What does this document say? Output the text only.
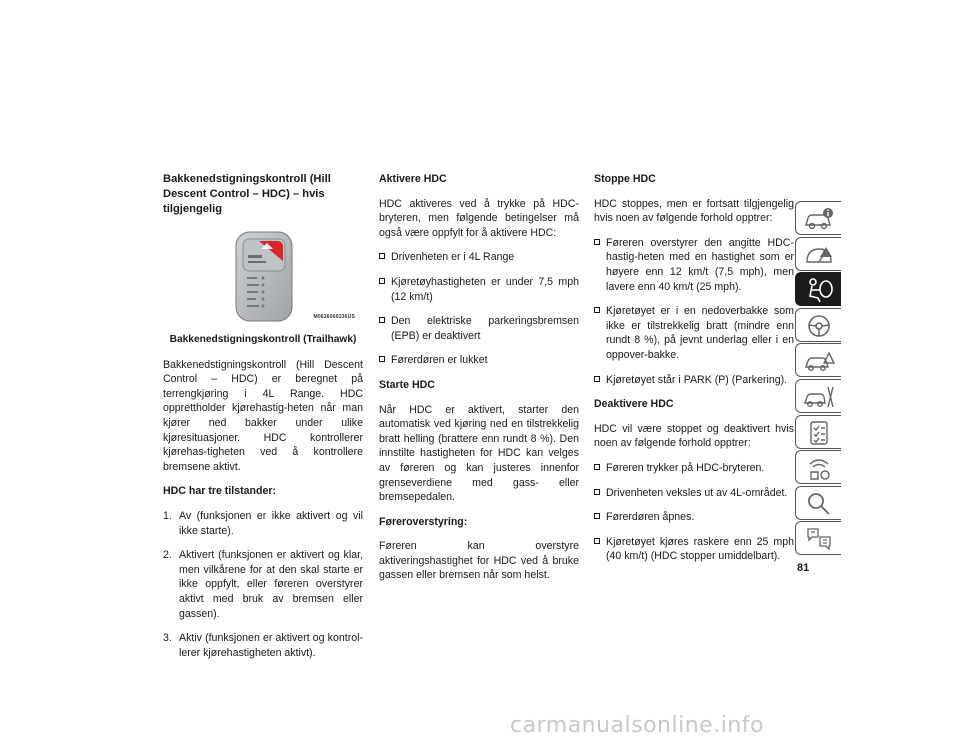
Bakkenedstigningskontroll (Hill Descent Control – HDC) – hvis tilgjengelig
M0636060236US
Bakkenedstigningskontroll (Trailhawk)

Bakkenedstigningskontroll (Hill Descent Control – HDC) er beregnet på terrengkjøring i 4L Range. HDC opprettholder kjørehastig-heten når man kjører ned bakker under ulike kjøresituasjoner. HDC kontrollerer kjørehas-tigheten ved å kontrollere bremsene aktivt.

HDC har tre tilstander:
1. Av (funksjonen er ikke aktivert og vil ikke starte).
2. Aktivert (funksjonen er aktivert og klar, men vilkårene for at den skal starte er ikke oppfylt, eller føreren overstyrer aktivt med bruk av bremsen eller gassen).
3. Aktiv (funksjonen er aktivert og kontrol-lerer kjørehastigheten aktivt).
Aktivere HDC

HDC aktiveres ved å trykke på HDC-bryteren, men følgende betingelser må også være oppfylt for å aktivere HDC:

Drivenheten er i 4L Range
Kjøretøyhastigheten er under 7,5 mph (12 km/t)
Den elektriske parkeringsbremsen (EPB) er deaktivert
Førerdøren er lukket
Starte HDC

Når HDC er aktivert, starter den automatisk ved kjøring ned en tilstrekkelig bratt helling (brattere enn rundt 8 %). Den innstilte hastigheten for HDC kan velges av føreren og kan justeres innenfor grenseverdiene med gass- eller bremsepedalen.

Føreroverstyring:

Føreren kan overstyre aktiveringshastighet for HDC ved å bruke gassen eller bremsen når som helst.

Stoppe HDC

HDC stoppes, men er fortsatt tilgjengelig hvis noen av følgende forhold opptrer:

Føreren overstyrer den angitte HDC-hastig-heten med en hastighet som er høyere enn 12 km/t (7,5 mph), men lavere enn 40 km/t (25 mph).
Kjøretøyet er i en nedoverbakke som ikke er tilstrekkelig bratt (mindre enn rundt 8 %), på jevnt underlag eller i en oppover-bakke.
Kjøretøyet står i PARK (P) (Parkering).
Deaktivere HDC

HDC vil være stoppet og deaktivert hvis noen av følgende forhold opptrer:

Føreren trykker på HDC-bryteren.
Drivenheten veksles ut av 4L-området.
Førerdøren åpnes.
Kjøretøyet kjøres raskere enn 25 mph (40 km/t) (HDC stopper umiddelbart).
81
carmanualsonline.info
